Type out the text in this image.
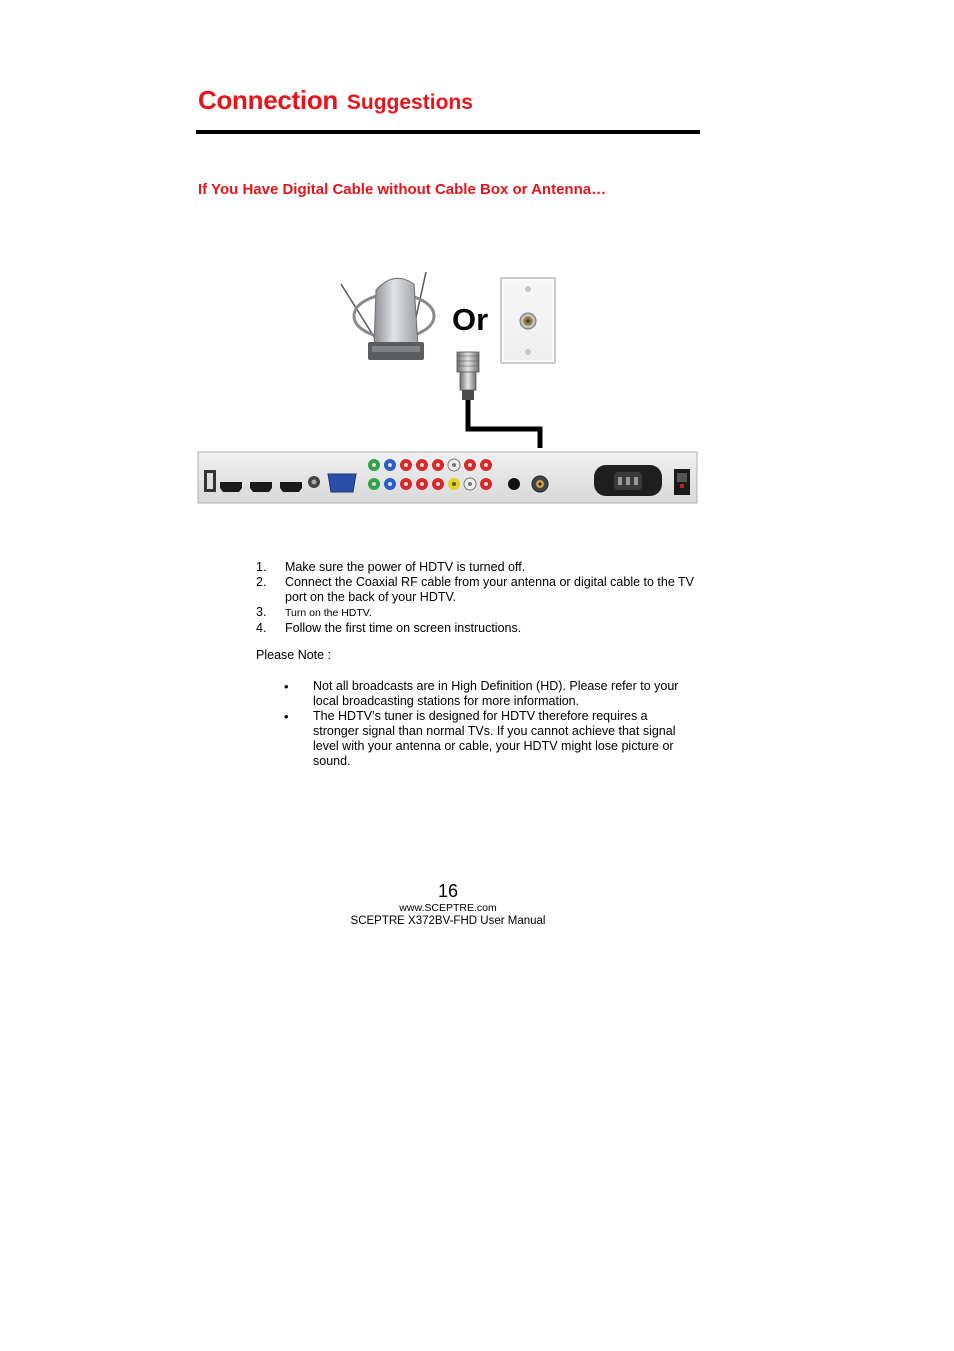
Connection Suggestions
If You Have Digital Cable without Cable Box or Antenna…
Or
1. Make sure the power of HDTV is turned off.
2. Connect the Coaxial RF cable from your antenna or digital cable to the TV port on the back of your HDTV.
3. Turn on the HDTV.
4. Follow the first time on screen instructions.

Please Note :

• Not all broadcasts are in High Definition (HD). Please refer to your local broadcasting stations for more information.
• The HDTV’s tuner is designed for HDTV therefore requires a stronger signal than normal TVs. If you cannot achieve that signal level with your antenna or cable, your HDTV might lose picture or sound.

16

www.SCEPTRE.com

SCEPTRE X372BV-FHD User Manual
